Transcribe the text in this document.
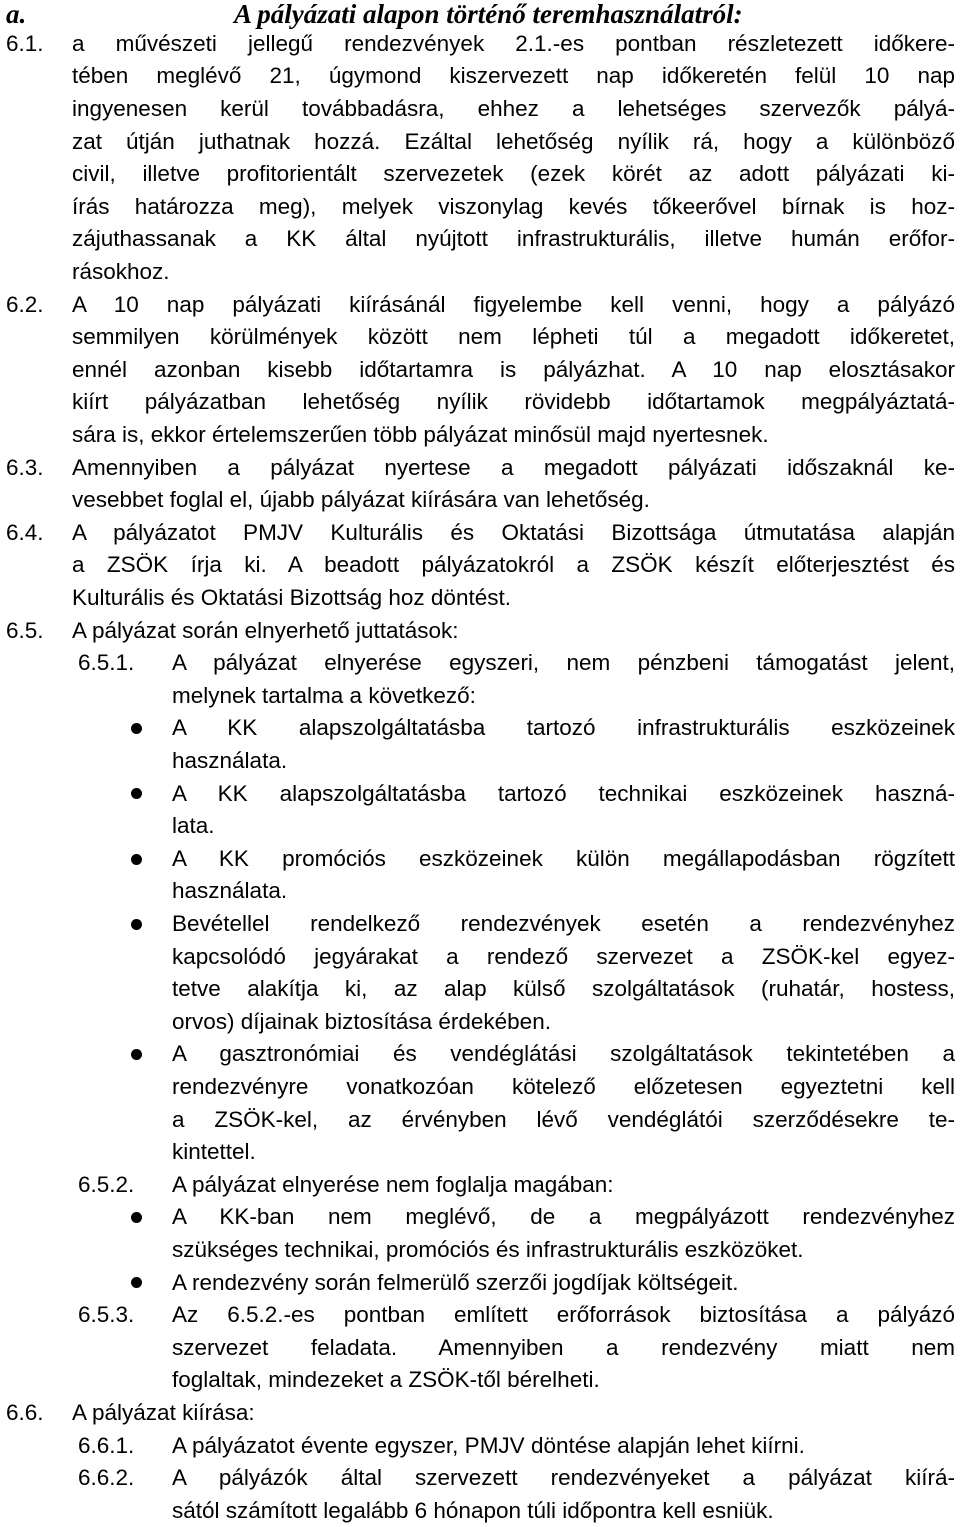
a.	A pályázati alapon történő teremhasználatról:
6.1. a művészeti jellegű rendezvények 2.1.-es pontban részletezett időkere-
tében meglévő 21, úgymond kiszervezett nap időkeretén felül 10 nap
ingyenesen kerül továbbadásra, ehhez a lehetséges szervezők pályá-
zat útján juthatnak hozzá. Ezáltal lehetőség nyílik rá, hogy a különböző
civil, illetve profitorientált szervezetek (ezek körét az adott pályázati ki-
írás határozza meg), melyek viszonylag kevés tőkeerővel bírnak is hoz-
zájuthassanak a KK által nyújtott infrastrukturális, illetve humán erőfor-
rásokhoz.
6.2. A 10 nap pályázati kiírásánál figyelembe kell venni, hogy a pályázó
semmilyen körülmények között nem lépheti túl a megadott időkeretet,
ennél azonban kisebb időtartamra is pályázhat. A 10 nap elosztásakor
kiírt pályázatban lehetőség nyílik rövidebb időtartamok megpályáztatá-
sára is, ekkor értelemszerűen több pályázat minősül majd nyertesnek.
6.3. Amennyiben a pályázat nyertese a megadott pályázati időszaknál ke-
vesebbet foglal el, újabb pályázat kiírására van lehetőség.
6.4. A pályázatot PMJV Kulturális és Oktatási Bizottsága útmutatása alapján
a ZSÖK írja ki. A beadott pályázatokról a ZSÖK készít előterjesztést és
Kulturális és Oktatási Bizottság hoz döntést.
6.5. A pályázat során elnyerhető juttatások:
6.5.1. A pályázat elnyerése egyszeri, nem pénzbeni támogatást jelent,
melynek tartalma a következő:
A KK alapszolgáltatásba tartozó infrastrukturális eszközeinek
használata.
A KK alapszolgáltatásba tartozó technikai eszközeinek haszná-
lata.
A KK promóciós eszközeinek külön megállapodásban rögzített
használata.
Bevétellel rendelkező rendezvények esetén a rendezvényhez
kapcsolódó jegyárakat a rendező szervezet a ZSÖK-kel egyez-
tetve alakítja ki, az alap külső szolgáltatások (ruhatár, hostess,
orvos) díjainak biztosítása érdekében.
A gasztronómiai és vendéglátási szolgáltatások tekintetében a
rendezvényre vonatkozóan kötelező előzetesen egyeztetni kell
a ZSÖK-kel, az érvényben lévő vendéglátói szerződésekre te-
kintettel.
6.5.2. A pályázat elnyerése nem foglalja magában:
A KK-ban nem meglévő, de a megpályázott rendezvényhez
szükséges technikai, promóciós és infrastrukturális eszközöket.
A rendezvény során felmerülő szerzői jogdíjak költségeit.
6.5.3. Az 6.5.2.-es pontban említett erőforrások biztosítása a pályázó
szervezet feladata. Amennyiben a rendezvény miatt nem
foglaltak, mindezeket a ZSÖK-től bérelheti.
6.6. A pályázat kiírása:
6.6.1. A pályázatot évente egyszer, PMJV döntése alapján lehet kiírni.
6.6.2. A pályázók által szervezett rendezvényeket a pályázat kiírá-
sától számított legalább 6 hónapon túli időpontra kell esniük.
